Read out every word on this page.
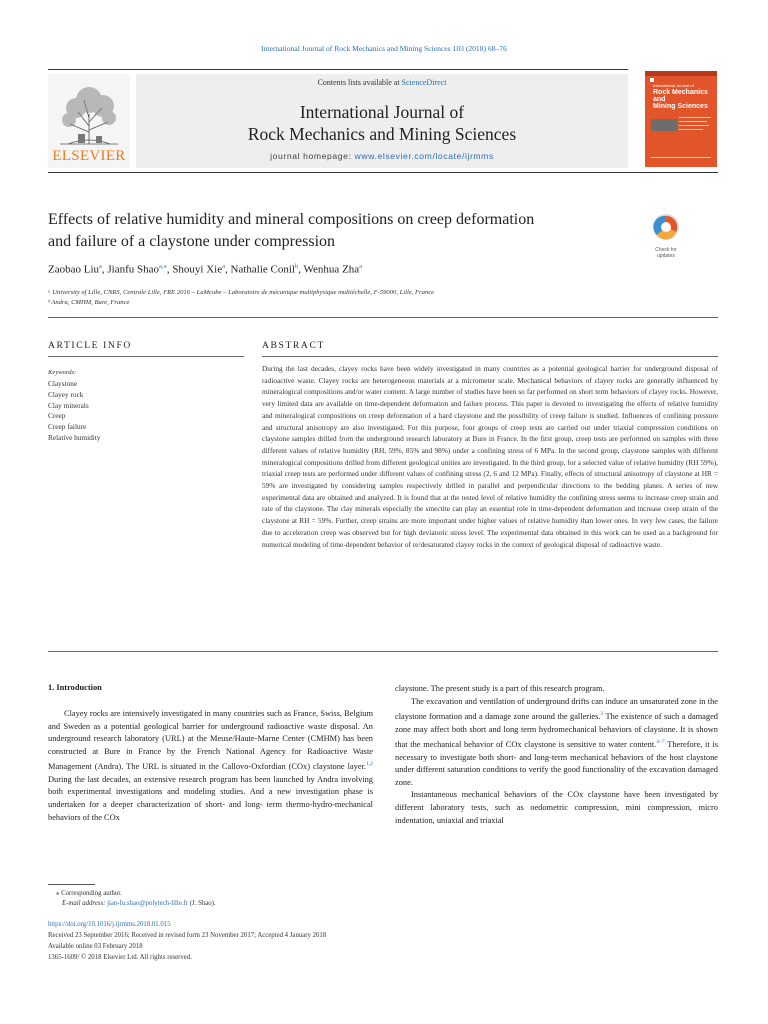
International Journal of Rock Mechanics and Mining Sciences 103 (2018) 68–76
ELSEVIER
Contents lists available at ScienceDirect
International Journal of
Rock Mechanics and Mining Sciences
journal homepage: www.elsevier.com/locate/ijrmms
International Journal of
Rock Mechanics
and
Mining Sciences
Effects of relative humidity and mineral compositions on creep deformation
and failure of a claystone under compression	Check for
updates
Zaobao Liu$^a$, Jianfu Shao$^{a,⁎}$, Shouyi Xie$^a$, Nathalie Conil$^b$, Wenhua Zha$^a$
ᵃ University of Lille, CNRS, Centrale Lille, FRE 2016 – LaMcube – Laboratoire de mécanique multiphysique multiéchelle, F-59000, Lille, France
ᵇ Andra, CMHM, Bure, France
ARTICLE INFO	ABSTRACT
Keywords:
Claystone
Clayey rock
Clay minerals
Creep
Creep failure
Relative humidity
During the last decades, clayey rocks have been widely investigated in many countries as a potential geological barrier for underground disposal of radioactive waste. Clayey rocks are heterogeneous materials at a micrometer scale. Mechanical behaviors of clayey rocks are generally influenced by mineralogical compositions and/or water content. A large number of studies have been so far performed on short term behaviors of clayey rocks. However, very limited data are available on time-dependent deformation and failure process. This paper is devoted to investigating the effects of relative humidity and mineralogical compositions on creep deformation of a hard claystone and the possibility of creep failure is studied. Influences of confining pressure and structural anisotropy are also investigated. For this purpose, four groups of creep tests are carried out under triaxial compression conditions on claystone samples drilled from the underground research laboratory at Bure in France. In the first group, creep tests are performed on samples with three different values of relative humidity (RH, 59%, 85% and 98%) under a confining stress of 6 MPa. In the second group, claystone samples with different mineralogical compositions drilled from different geological unities are investigated. In the third group, for a selected value of relative humidity (RH 59%), triaxial creep tests are performed under different values of confining stress (2, 6 and 12 MPa). Finally, effects of structural anisotropy of claystone at HR = 59% are investigated by considering samples respectively drilled in parallel and perpendicular directions to the bedding planes. A series of new experimental data are obtained and analyzed. It is found that at the tested level of relative humidity the confining stress seems to increase creep strain and rate of the claystone. The clay minerals especially the smectite can play an essential role in time-dependent deformation and increase creep strain of the claystone at RH = 59%. Further, creep strains are more important under higher values of relative humidity than lower ones. In very few cases, the failure due to acceleration creep was observed but for high deviatoric stress level. The experimental data obtained in this work can be used as a background for numerical modeling of time-dependent behavior of re/desaturated clayey rocks in the context of geological disposal of radioactive waste.
1. Introduction

Clayey rocks are intensively investigated in many countries such as France, Swiss, Belgium and Sweden as a potential geological barrier for underground radioactive waste disposal. An underground research laboratory (URL) at the Meuse/Haute-Marne Center (CMHM) has been constructed at Bure in France by the French National Agency for Radioactive Waste Management (Andra). The URL is situated in the Callovo-Oxfordian (COx) claystone layer.$^{1,2}$ During the last decades, an extensive research program has been launched by Andra involving both experimental investigations and modeling studies. And a new investigation phase is undertaken for a deeper characterization of short- and long- term thermo-hydro-mechanical behaviors of the COx

claystone. The present study is a part of this research program.

The excavation and ventilation of underground drifts can induce an unsaturated zone in the claystone formation and a damage zone around the galleries.$^3$ The existence of such a damaged zone may affect both short and long term hydromechanical behaviors of claystone. It is shown that the mechanical behavior of COx claystone is sensitive to water content.$^{4-7}$ Therefore, it is necessary to investigate both short- and long-term mechanical behaviors of the host claystone under different saturation conditions to verify the good functionality of the excavation damaged zone.

Instantaneous mechanical behaviors of the COx claystone have been investigated by different laboratory tests, such as oedometric compression, mini compression, micro indentation, uniaxial and triaxial

⁎ Corresponding author.
E-mail address: jian-fu.shao@polytech-lille.fr (J. Shao).
https://doi.org/10.1016/j.ijrmms.2018.01.015
Received 23 September 2016; Received in revised form 23 November 2017; Accepted 4 January 2018
Available online 03 February 2018
1365-1609/ © 2018 Elsevier Ltd. All rights reserved.
